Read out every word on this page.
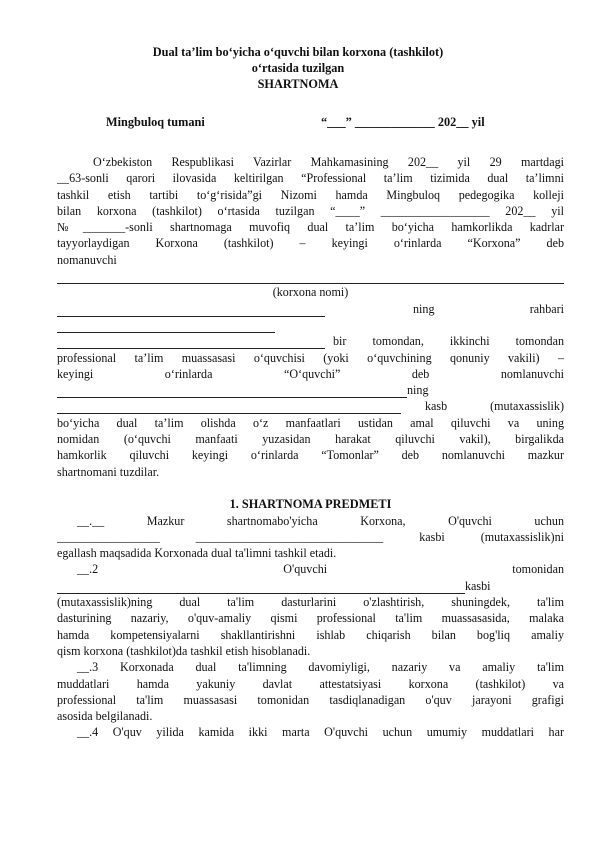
Dual ta’lim bo‘yicha o‘quvchi bilan korxona (tashkilot)
o‘rtasida tuzilgan
SHARTNOMA
Mingbuloq tumani	“___” _____________ 202__ yil
O‘zbekiston Respublikasi Vazirlar Mahkamasining 202__ yil 29 martdagi
__63-sonli qarori ilovasida keltirilgan “Professional ta’lim tizimida dual ta’limni
tashkil etish tartibi to‘g‘risida”gi Nizomi hamda Mingbuloq pedegogika kolleji
bilan korxona (tashkilot) o‘rtasida tuzilgan “____” __________________ 202__ yil
№_______-sonli shartnomaga muvofiq dual ta’lim bo‘yicha hamkorlikda kadrlar
tayyorlaydigan Korxona (tashkilot) – keyingi o‘rinlarda “Korxona” deb
nomanuvchi
(korxona nomi)
ning	rahbari
bir tomondan, ikkinchi tomondan
professional ta’lim muassasasi o‘quvchisi (yoki o‘quvchining qonuniy vakili) –
keyingi o‘rinlarda “O‘quvchi” deb nomlanuvchi
ning
kasb (mutaxassislik)
bo‘yicha dual ta’lim olishda o‘z manfaatlari ustidan amal qiluvchi va uning
nomidan (o‘quvchi manfaati yuzasidan harakat qiluvchi vakil), birgalikda
hamkorlik qiluvchi keyingi o‘rinlarda “Tomonlar” deb nomlanuvchi mazkur
shartnomani tuzdilar.
1. SHARTNOMA PREDMETI
__.__ Mazkur shartnomabo'yicha Korxona, O'quvchi uchun
_________________ _______________________________ kasbi (mutaxassislik)ni
egallash maqsadida Korxonada dual ta'limni tashkil etadi.
__.2 O'quvchi tomonidan
kasbi
(mutaxassislik)ning dual ta'lim dasturlarini o'zlashtirish, shuningdek, ta'lim
dasturining nazariy, o'quv-amaliy qismi professional ta'lim muassasasida, malaka
hamda kompetensiyalarni shakllantirishni ishlab chiqarish bilan bog'liq amaliy
qism korxona (tashkilot)da tashkil etish hisoblanadi.
__.3 Korxonada dual ta'limning davomiyligi, nazariy va amaliy ta'lim
muddatlari hamda yakuniy davlat attestatsiyasi korxona (tashkilot) va
professional ta'lim muassasasi tomonidan tasdiqlanadigan o'quv jarayoni grafigi
asosida belgilanadi.
__.4 O'quv yilida kamida ikki marta O'quvchi uchun umumiy muddatlari har
